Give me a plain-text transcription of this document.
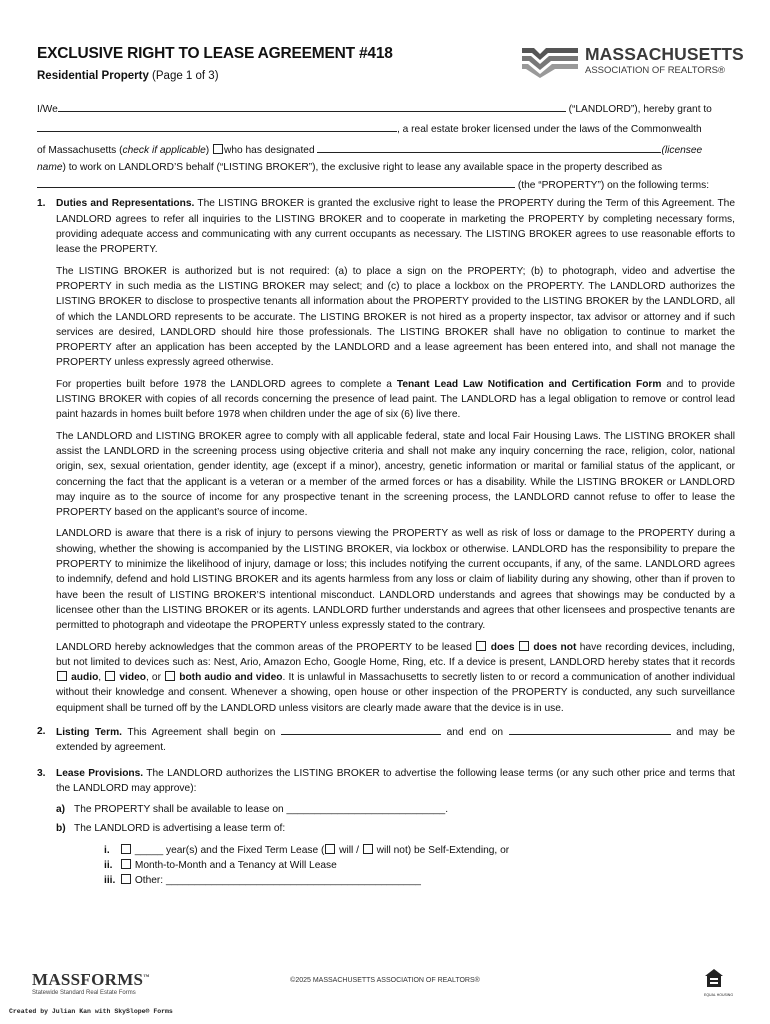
EXCLUSIVE RIGHT TO LEASE AGREEMENT #418
Residential Property (Page 1 of 3)
MASSACHUSETTS
ASSOCIATION OF REALTORS®
I/We	(“LANDLORD”), hereby grant to
, a real estate broker licensed under the laws of the Commonwealth
of Massachusetts (check if applicable) who has designated	(licensee
name) to work on LANDLORD’S behalf (“LISTING BROKER”), the exclusive right to lease any available space in the property described as
(the “PROPERTY”) on the following terms:
1.	Duties and Representations. The LISTING BROKER is granted the exclusive right to lease the PROPERTY during the Term of this Agreement. The LANDLORD agrees to refer all inquiries to the LISTING BROKER and to cooperate in marketing the PROPERTY by completing necessary forms, providing adequate access and communicating with any current occupants as necessary. The LISTING BROKER agrees to use reasonable efforts to lease the PROPERTY.

The LISTING BROKER is authorized but is not required: (a) to place a sign on the PROPERTY; (b) to photograph, video and advertise the PROPERTY in such media as the LISTING BROKER may select; and (c) to place a lockbox on the PROPERTY. The LANDLORD authorizes the LISTING BROKER to disclose to prospective tenants all information about the PROPERTY provided to the LISTING BROKER by the LANDLORD, all of which the LANDLORD represents to be accurate. The LISTING BROKER is not hired as a property inspector, tax advisor or attorney and if such services are desired, LANDLORD should hire those professionals. The LISTING BROKER shall have no obligation to continue to market the PROPERTY after an application has been accepted by the LANDLORD and a lease agreement has been entered into, and shall not manage the PROPERTY unless expressly agreed otherwise.

For properties built before 1978 the LANDLORD agrees to complete a Tenant Lead Law Notification and Certification Form and to provide LISTING BROKER with copies of all records concerning the presence of lead paint. The LANDLORD has a legal obligation to remove or control lead paint hazards in homes built before 1978 when children under the age of six (6) live there.

The LANDLORD and LISTING BROKER agree to comply with all applicable federal, state and local Fair Housing Laws. The LISTING BROKER shall assist the LANDLORD in the screening process using objective criteria and shall not make any inquiry concerning the race, religion, color, national origin, sex, sexual orientation, gender identity, age (except if a minor), ancestry, genetic information or marital or familial status of the applicant, or concerning the fact that the applicant is a veteran or a member of the armed forces or has a disability. While the LISTING BROKER or LANDLORD may inquire as to the source of income for any prospective tenant in the screening process, the LANDLORD cannot refuse to offer to lease the PROPERTY based on the applicant’s source of income.

LANDLORD is aware that there is a risk of injury to persons viewing the PROPERTY as well as risk of loss or damage to the PROPERTY during a showing, whether the showing is accompanied by the LISTING BROKER, via lockbox or otherwise. LANDLORD has the responsibility to prepare the PROPERTY to minimize the likelihood of injury, damage or loss; this includes notifying the current occupants, if any, of the same. LANDLORD agrees to indemnify, defend and hold LISTING BROKER and its agents harmless from any loss or claim of liability during any showing, other than if proven to have been the result of LISTING BROKER’S intentional misconduct. LANDLORD understands and agrees that showings may be conducted by a licensee other than the LISTING BROKER or its agents. LANDLORD further understands and agrees that other licensees and prospective tenants are permitted to photograph and videotape the PROPERTY unless expressly stated to the contrary.

LANDLORD hereby acknowledges that the common areas of the PROPERTY to be leased  does does not have recording devices, including, but not limited to devices such as: Nest, Ario, Amazon Echo, Google Home, Ring, etc. If a device is present, LANDLORD hereby states that it records  audio,  video, or  both audio and video. It is unlawful in Massachusetts to secretly listen to or record a communication of another individual without their knowledge and consent. Whenever a showing, open house or other inspection of the PROPERTY is conducted, any such surveillance equipment shall be turned off by the LANDLORD unless visitors are clearly made aware that the device is in use.

2.	Listing Term. This Agreement shall begin on	and end on	and may be extended by agreement.
3.	Lease Provisions. The LANDLORD authorizes the LISTING BROKER to advertise the following lease terms (or any such other price and terms that the LANDLORD may approve):
a) The PROPERTY shall be available to lease on ____________________________.
b) The LANDLORD is advertising a lease term of:
i. _____ year(s) and the Fixed Term Lease ( will /  will not) be Self-Extending, or
ii. Month-to-Month and a Tenancy at Will Lease
iii. Other: _____________________________________________
MASSFORMS™
Statewide Standard Real Estate Forms
©2025 MASSACHUSETTS ASSOCIATION OF REALTORS®
EQUAL HOUSING
Created by Julian Kan with SkySlope® Forms
